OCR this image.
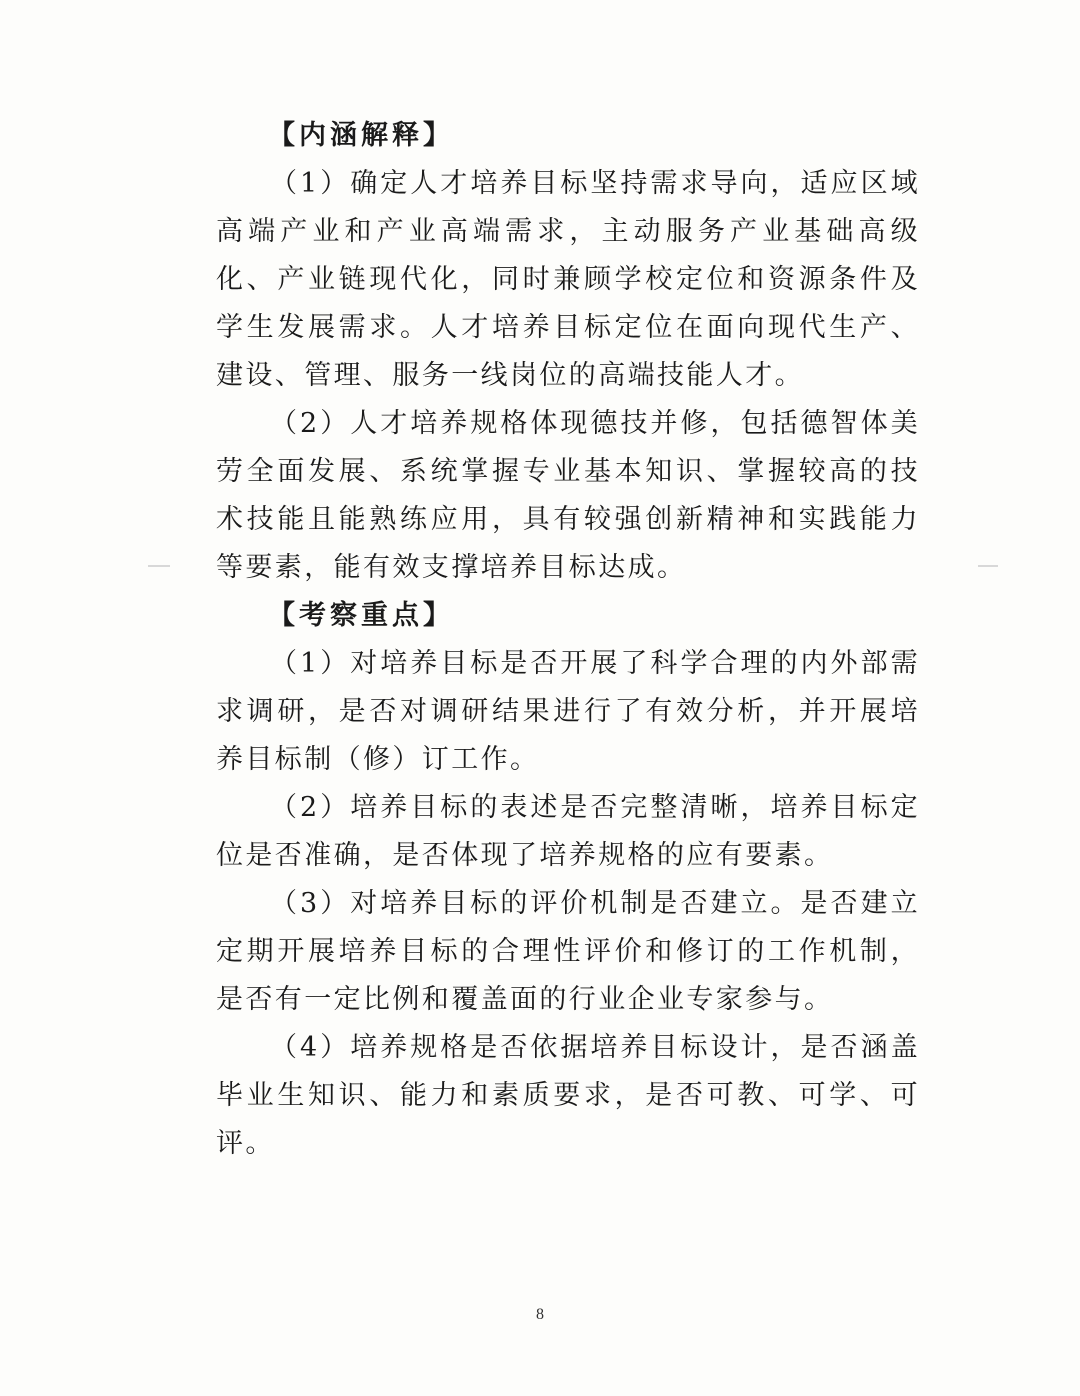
【内涵解释】

（1）确定人才培养目标坚持需求导向，适应区域高端产业和产业高端需求，主动服务产业基础高级化、产业链现代化，同时兼顾学校定位和资源条件及学生发展需求。人才培养目标定位在面向现代生产、建设、管理、服务一线岗位的高端技能人才。

（2）人才培养规格体现德技并修，包括德智体美劳全面发展、系统掌握专业基本知识、掌握较高的技术技能且能熟练应用，具有较强创新精神和实践能力等要素，能有效支撑培养目标达成。

【考察重点】

（1）对培养目标是否开展了科学合理的内外部需求调研，是否对调研结果进行了有效分析，并开展培养目标制（修）订工作。

（2）培养目标的表述是否完整清晰，培养目标定位是否准确，是否体现了培养规格的应有要素。

（3）对培养目标的评价机制是否建立。是否建立定期开展培养目标的合理性评价和修订的工作机制，是否有一定比例和覆盖面的行业企业专家参与。

（4）培养规格是否依据培养目标设计，是否涵盖毕业生知识、能力和素质要求，是否可教、可学、可评。

8
